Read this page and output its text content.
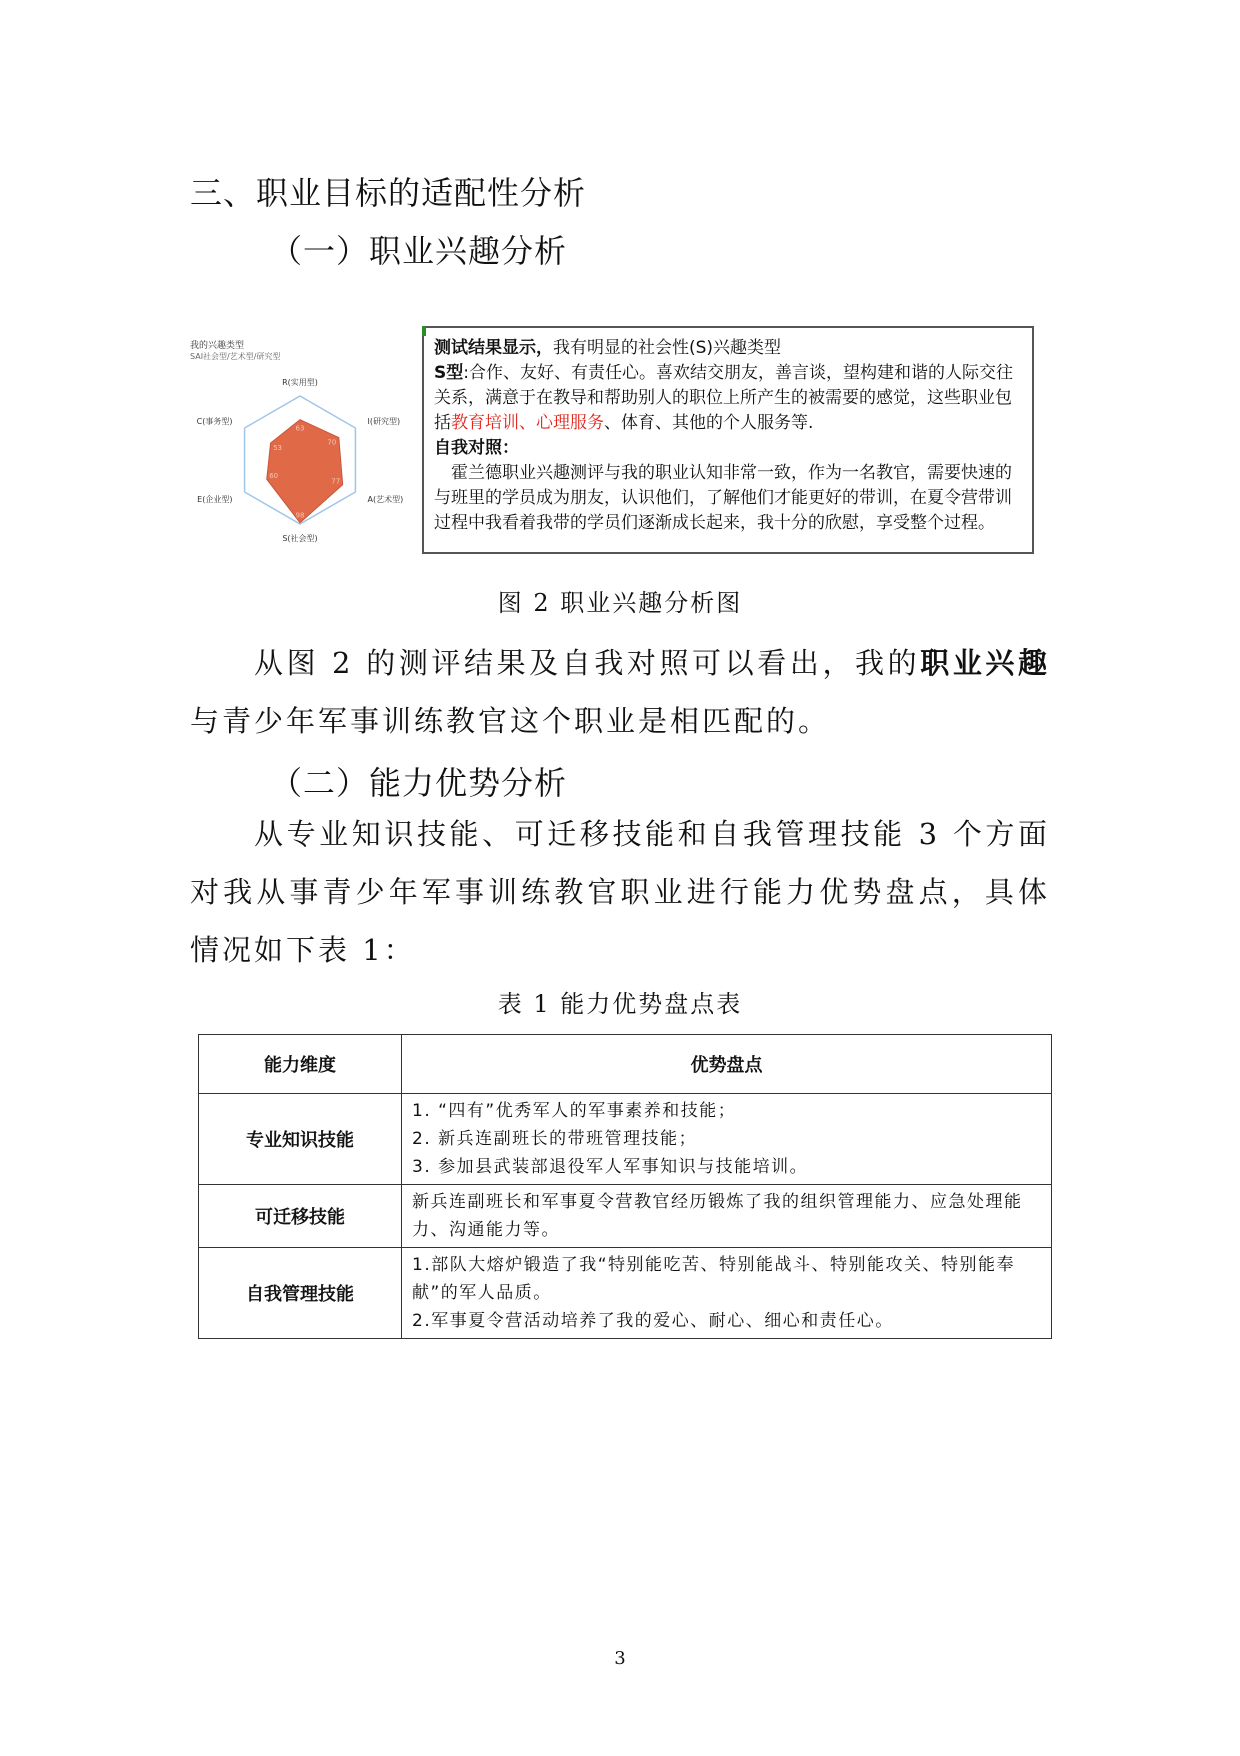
三、职业目标的适配性分析
（一）职业兴趣分析
我的兴趣类型
SAI社会型/艺术型/研究型
R(实用型)
63
I(研究型)
70
A(艺术型)
77
S(社会型)
98
E(企业型)
60
C(事务型)
53
测试结果显示，我有明显的社会性(S)兴趣类型
S型:合作、友好、有责任心。喜欢结交朋友，善言谈，望构建和谐的人际交往关系，满意于在教导和帮助别人的职位上所产生的被需要的感觉，这些职业包括教育培训、心理服务、体育、其他的个人服务等.
自我对照：
霍兰德职业兴趣测评与我的职业认知非常一致，作为一名教官，需要快速的与班里的学员成为朋友，认识他们，了解他们才能更好的带训，在夏令营带训过程中我看着我带的学员们逐渐成长起来，我十分的欣慰，享受整个过程。
图 2 职业兴趣分析图
从图 2 的测评结果及自我对照可以看出，我的职业兴趣与青少年军事训练教官这个职业是相匹配的。
（二）能力优势分析
从专业知识技能、可迁移技能和自我管理技能 3 个方面对我从事青少年军事训练教官职业进行能力优势盘点，具体情况如下表 1：
表 1 能力优势盘点表
能力维度	优势盘点
专业知识技能	1. “四有”优秀军人的军事素养和技能；
2. 新兵连副班长的带班管理技能；
3. 参加县武装部退役军人军事知识与技能培训。

可迁移技能	新兵连副班长和军事夏令营教官经历锻炼了我的组织管理能力、应急处理能力、沟通能力等。

自我管理技能	1.部队大熔炉锻造了我“特别能吃苦、特别能战斗、特别能攻关、特别能奉献”的军人品质。
2.军事夏令营活动培养了我的爱心、耐心、细心和责任心。
3
